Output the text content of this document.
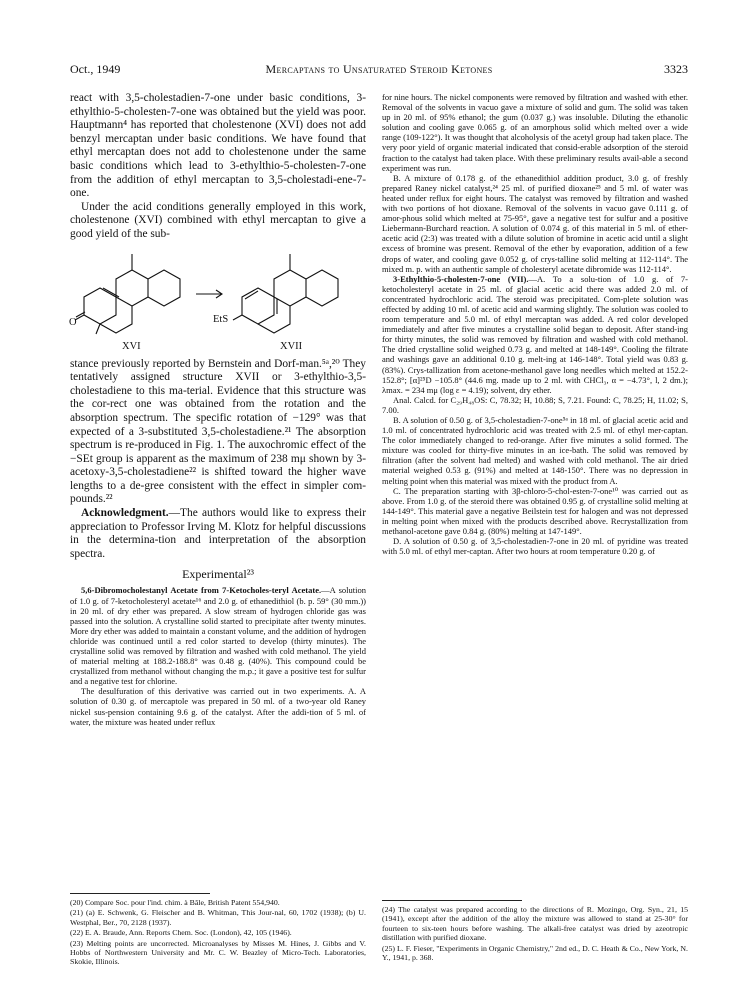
Oct., 1949	Mercaptans to Unsaturated Steroid Ketones	3323

react with 3,5-cholestadien-7-one under basic conditions, 3-ethylthio-5-cholesten-7-one was obtained but the yield was poor. Hauptmann⁴ has reported that cholestenone (XVI) does not add benzyl mercaptan under basic conditions. We have found that ethyl mercaptan does not add to cholestenone under the same basic conditions which lead to 3-ethylthio-5-cholesten-7-one from the addition of ethyl mercaptan to 3,5-cholestadi-ene-7-one.

Under the acid conditions generally employed in this work, cholestenone (XVI) combined with ethyl mercaptan to give a good yield of the sub-

O	EtS
XVI	XVII

stance previously reported by Bernstein and Dorf-man.⁵ᵃ,²⁰ They tentatively assigned structure XVII or 3-ethylthio-3,5-cholestadiene to this ma-terial. Evidence that this structure was the cor-rect one was obtained from the rotation and the absorption spectrum. The specific rotation of −129° was that expected of a 3-substituted 3,5-cholestadiene.²¹ The absorption spectrum is re-produced in Fig. 1. The auxochromic effect of the −SEt group is apparent as the maximum of 238 mμ shown by 3-acetoxy-3,5-cholestadiene²² is shifted toward the higher wave lengths to a de-gree consistent with the effect in simpler com-pounds.²²

Acknowledgment.—The authors would like to express their appreciation to Professor Irving M. Klotz for helpful discussions in the determina-tion and interpretation of the absorption spectra.

Experimental²³

5,6-Dibromocholestanyl Acetate from 7-Ketocholes-teryl Acetate.—A solution of 1.0 g. of 7-ketocholesteryl acetate¹⁶ and 2.0 g. of ethanedithiol (b. p. 59° (30 mm.)) in 20 ml. of dry ether was prepared. A slow stream of hydrogen chloride gas was passed into the solution. A crystalline solid started to precipitate after twenty minutes. More dry ether was added to maintain a constant volume, and the addition of hydrogen chloride was continued until a red color started to develop (thirty minutes). The crystalline solid was removed by filtration and washed with cold methanol. The yield of material melting at 188.2-188.8° was 0.48 g. (40%). This compound could be crystallized from methanol without changing the m.p.; it gave a positive test for sulfur and a negative test for chlorine.

The desulfuration of this derivative was carried out in two experiments. A. A solution of 0.30 g. of mercaptole was prepared in 50 ml. of a two-year old Raney nickel sus-pension containing 9.6 g. of the catalyst. After the addi-tion of 5 ml. of water, the mixture was heated under reflux

for nine hours. The nickel components were removed by filtration and washed with ether. Removal of the solvents in vacuo gave a mixture of solid and gum. The solid was taken up in 20 ml. of 95% ethanol; the gum (0.037 g.) was insoluble. Diluting the ethanolic solution and cooling gave 0.065 g. of an amorphous solid which melted over a wide range (109-122°). It was thought that alcoholysis of the acetyl group had taken place. The very poor yield of organic material indicated that consid-erable adsorption of the steroid fraction to the catalyst had taken place. With these preliminary results avail-able a second experiment was run.

B. A mixture of 0.178 g. of the ethanedithiol addition product, 3.0 g. of freshly prepared Raney nickel catalyst,²⁴ 25 ml. of purified dioxane²⁵ and 5 ml. of water was heated under reflux for eight hours. The catalyst was removed by filtration and washed with two portions of hot dioxane. Removal of the solvents in vacuo gave 0.111 g. of amor-phous solid which melted at 75-95°, gave a negative test for sulfur and a positive Liebermann-Burchard reaction. A solution of 0.074 g. of this material in 5 ml. of ether-acetic acid (2:3) was treated with a dilute solution of bromine in acetic acid until a slight excess of bromine was present. Removal of the ether by evaporation, addition of a few drops of water, and cooling gave 0.052 g. of crys-talline solid melting at 112-114°. The mixed m. p. with an authentic sample of cholesteryl acetate dibromide was 112-114°.

3-Ethylthio-5-cholesten-7-one (VII).—A. To a solu-tion of 1.0 g. of 7-ketocholesteryl acetate in 25 ml. of glacial acetic acid there was added 2.0 ml. of concentrated hydrochloric acid. The steroid was precipitated. Com-plete solution was effected by adding 10 ml. of acetic acid and warming slightly. The solution was cooled to room temperature and 5.0 ml. of ethyl mercaptan was added. A red color developed immediately and after five minutes a crystalline solid began to deposit. After stand-ing for thirty minutes, the solid was removed by filtration and washed with cold methanol. The dried crystalline solid weighed 0.73 g. and melted at 148-149°. Cooling the filtrate and washings gave an additional 0.10 g. melt-ing at 146-148°. Total yield was 0.83 g. (83%). Crys-tallization from acetone-methanol gave long needles which melted at 152.2-152.8°; [α]²⁵D −105.8° (44.6 mg. made up to 2 ml. with CHCl₃, α = −4.73°, l, 2 dm.); λmax. = 234 mμ (log ε = 4.19); solvent, dry ether.

Anal. Calcd. for C₂₉H₄₈OS: C, 78.32; H, 10.88; S, 7.21. Found: C, 78.25; H, 11.02; S, 7.00.

B. A solution of 0.50 g. of 3,5-cholestadien-7-one⁵ᵃ in 18 ml. of glacial acetic acid and 1.0 ml. of concentrated hydrochloric acid was treated with 2.5 ml. of ethyl mer-captan. The color immediately changed to red-orange. After five minutes a solid formed. The mixture was cooled for thirty-five minutes in an ice-bath. The solid was removed by filtration (after the solvent had melted) and washed with cold methanol. The air dried material weighed 0.53 g. (91%) and melted at 148-150°. There was no depression in melting point when this material was mixed with the product from A.

C. The preparation starting with 3β-chloro-5-chol-esten-7-one¹⁰ was carried out as above. From 1.0 g. of the steroid there was obtained 0.95 g. of crystalline solid melting at 144-149°. This material gave a negative Beilstein test for halogen and was not depressed in melting point when mixed with the products described above. Recrystallization from methanol-acetone gave 0.84 g. (80%) melting at 147-149°.

D. A solution of 0.50 g. of 3,5-cholestadien-7-one in 20 ml. of pyridine was treated with 5.0 ml. of ethyl mer-captan. After two hours at room temperature 0.20 g. of

(20) Compare Soc. pour l'ind. chim. à Bâle, British Patent 554,940.

(21) (a) E. Schwenk, G. Fleischer and B. Whitman, This Jour-nal, 60, 1702 (1938); (b) U. Westphal, Ber., 70, 2128 (1937).

(22) E. A. Braude, Ann. Reports Chem. Soc. (London), 42, 105 (1946).

(23) Melting points are uncorrected. Microanalyses by Misses M. Hines, J. Gibbs and V. Hobbs of Northwestern University and Mr. C. W. Beazley of Micro-Tech. Laboratories, Skokie, Illinois.

(24) The catalyst was prepared according to the directions of R. Mozingo, Org. Syn., 21, 15 (1941), except after the addition of the alloy the mixture was allowed to stand at 25-30° for fourteen to six-teen hours before washing. The alkali-free catalyst was dried by azeotropic distillation with purified dioxane.

(25) L. F. Fieser, "Experiments in Organic Chemistry," 2nd ed., D. C. Heath & Co., New York, N. Y., 1941, p. 368.
